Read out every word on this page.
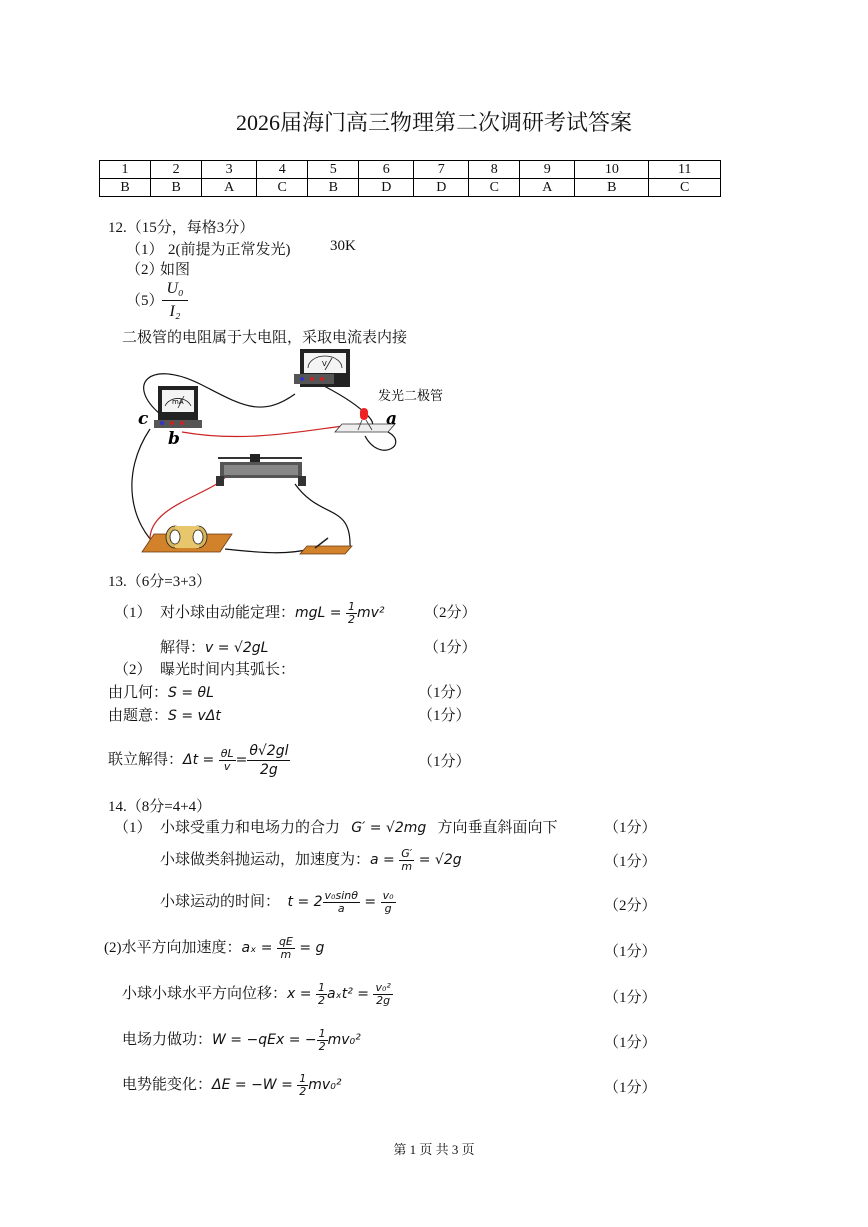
2026届海门高三物理第二次调研考试答案
1	2	3	4	5	6	7	8	9	10	11
B	B	A	C	B	D	D	C	A	B	C
12.（15分，每格3分）
（1） 2(前提为正常发光)	30K
（2）
如图
（5）
$\frac{\text{U₀}}{\text{I₂}}$
二极管的电阻属于大电阻，采取电流表内接
mA
V
c
b
a
发光二极管
13.（6分=3+3）
（1） 对小球由动能定理：mgL = $\frac{1}{2} mv^2$	（2分）
解得：v = √2gL	（1分）
（2） 曝光时间内其弧长：
由几何：S = θL	（1分）
由题意：S = vΔt	（1分）
联立解得：$\Delta t = \frac{\theta L}{v} = \frac{\theta√2gl}{2g}$	（1分）
14.（8分=4+4）
（1） 小球受重力和电场力的合力 G′ = √2mg 方向垂直斜面向下	（1分）
小球做类斜抛运动，加速度为：$a = \frac{G'}{m} = √2g$	（1分）
小球运动的时间： $t = 2 \frac{\text{v₀sinθ}}{a} = \frac{\text{v₀}}{g}$	（2分）
(2)水平方向加速度：$a_x = \frac{qE}{m} = g$	（1分）
小球小球水平方向位移：$x = \frac{1}{2} a_xt^2 = \frac{\text{v₀²}}{2g}$	（1分）
电场力做功：W = −qEx = − $\frac{1}{2} mv_0^2$	（1分）
电势能变化：$\Delta E = -W = \frac{1}{2} mv_0^2$	（1分）
第 1 页 共 3 页
